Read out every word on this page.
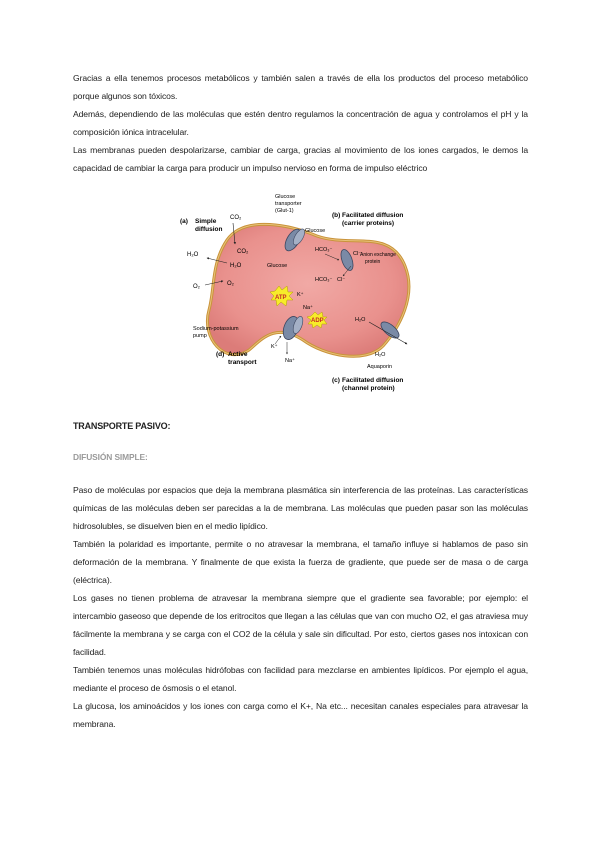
Gracias a ella tenemos procesos metabólicos y también salen a través de ella los productos del proceso metabólico porque algunos son tóxicos.
Además, dependiendo de las moléculas que estén dentro regulamos la concentración de agua y controlamos el pH y la composición iónica intracelular.
Las membranas pueden despolarizarse, cambiar de carga, gracias al movimiento de los iones cargados, le demos la capacidad de cambiar la carga para producir un impulso nervioso en forma de impulso eléctrico
(a) Simple
diffusion
(b) Facilitated diffusion
(carrier proteins)
(c) Facilitated diffusion
(channel protein)
(d) Active
transport
CO₂
CO₂
H₂O
H₂O
O₂	O₂
Glucose
transporter
(Glut-1)
Glucose
Glucose
HCO₃⁻
Cl⁻
HCO₃⁻ Cl⁻
Anion exchange
protein
ATP
ADP
K⁺
Na⁺
K⁺
Na⁺
Sodium-potassium
pump
H₂O
H₂O
Aquaporin
TRANSPORTE PASIVO:
DIFUSIÓN SIMPLE:
Paso de moléculas por espacios que deja la membrana plasmática sin interferencia de las proteínas. Las características químicas de las moléculas deben ser parecidas a la de membrana. Las moléculas que pueden pasar son las moléculas hidrosolubles, se disuelven bien en el medio lipídico.
También la polaridad es importante, permite o no atravesar la membrana, el tamaño influye si hablamos de paso sin deformación de la membrana. Y finalmente de que exista la fuerza de gradiente, que puede ser de masa o de carga (eléctrica).
Los gases no tienen problema de atravesar la membrana siempre que el gradiente sea favorable; por ejemplo: el intercambio gaseoso que depende de los eritrocitos que llegan a las células que van con mucho O2, el gas atraviesa muy fácilmente la membrana y se carga con el CO2 de la célula y sale sin dificultad. Por esto, ciertos gases nos intoxican con facilidad.
También tenemos unas moléculas hidrófobas con facilidad para mezclarse en ambientes lipídicos. Por ejemplo el agua, mediante el proceso de ósmosis o el etanol.
La glucosa, los aminoácidos y los iones con carga como el K+, Na etc... necesitan canales especiales para atravesar la membrana.
